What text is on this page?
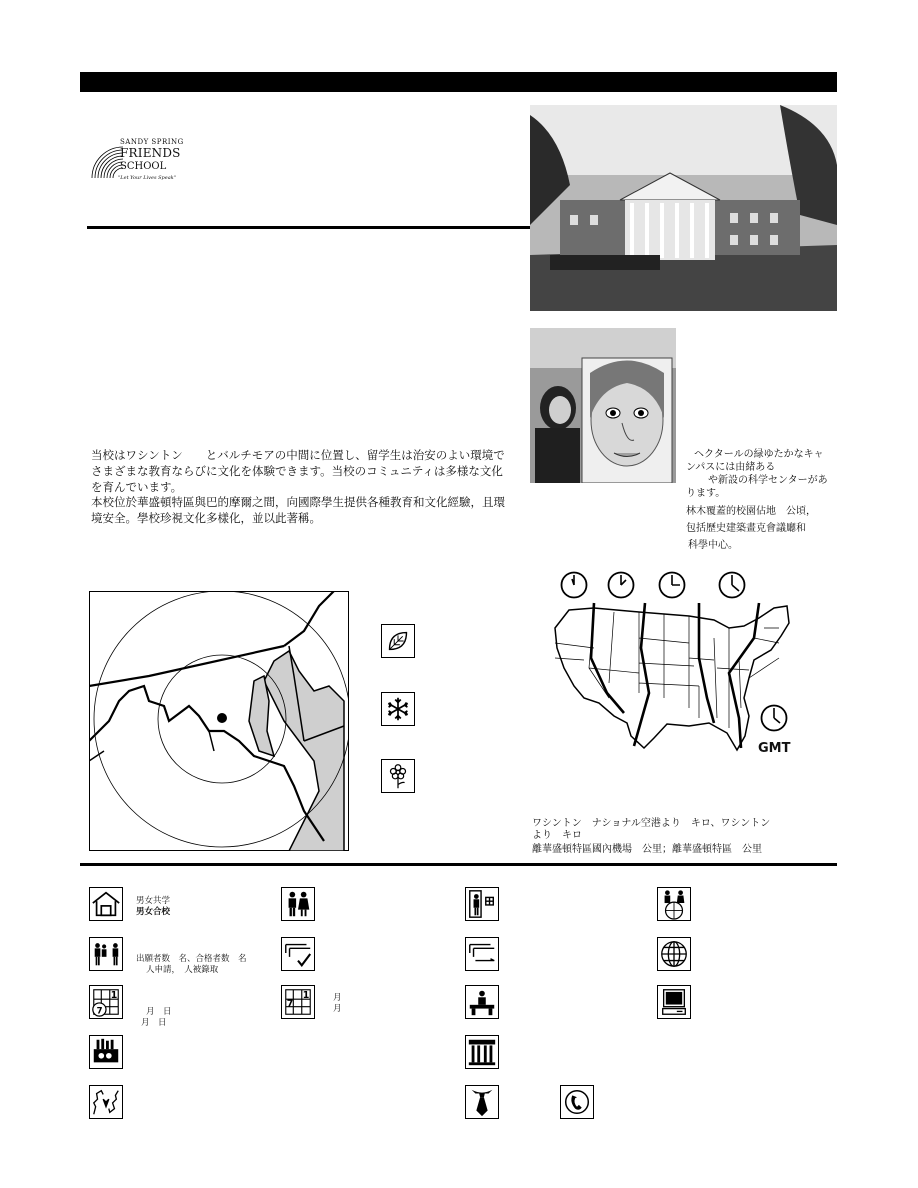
SANDY SPRING
FRIENDS
SCHOOL
"Let Your Lives Speak"
当校はワシントン　　とバルチモアの中間に位置し、留学生は治安のよい環境でさまざまな教育ならびに文化を体験できます。当校のコミュニティは多様な文化を育んでいます。
本校位於華盛頓特區與巴的摩爾之間，向國際學生提供各種教育和文化經驗，且環境安全。學校珍視文化多樣化，並以此著稱。
ヘクタールの緑ゆたかなキャ
ンパスには由緒ある
や新設の科学センターがあ
ります。
林木覆蓋的校園佔地　公頃，
包括歷史建築畫克會議廳和
科學中心。
GMT
ワシントン　ナショナル空港より　キロ、ワシントン
より　キロ
離華盛頓特區國內機場　公里；離華盛頓特區　公里
男女共学
男女合校
出願者数　名、合格者数　名
人申請，　人被錄取
1
7	月　日
月　日
1
7
月
月
